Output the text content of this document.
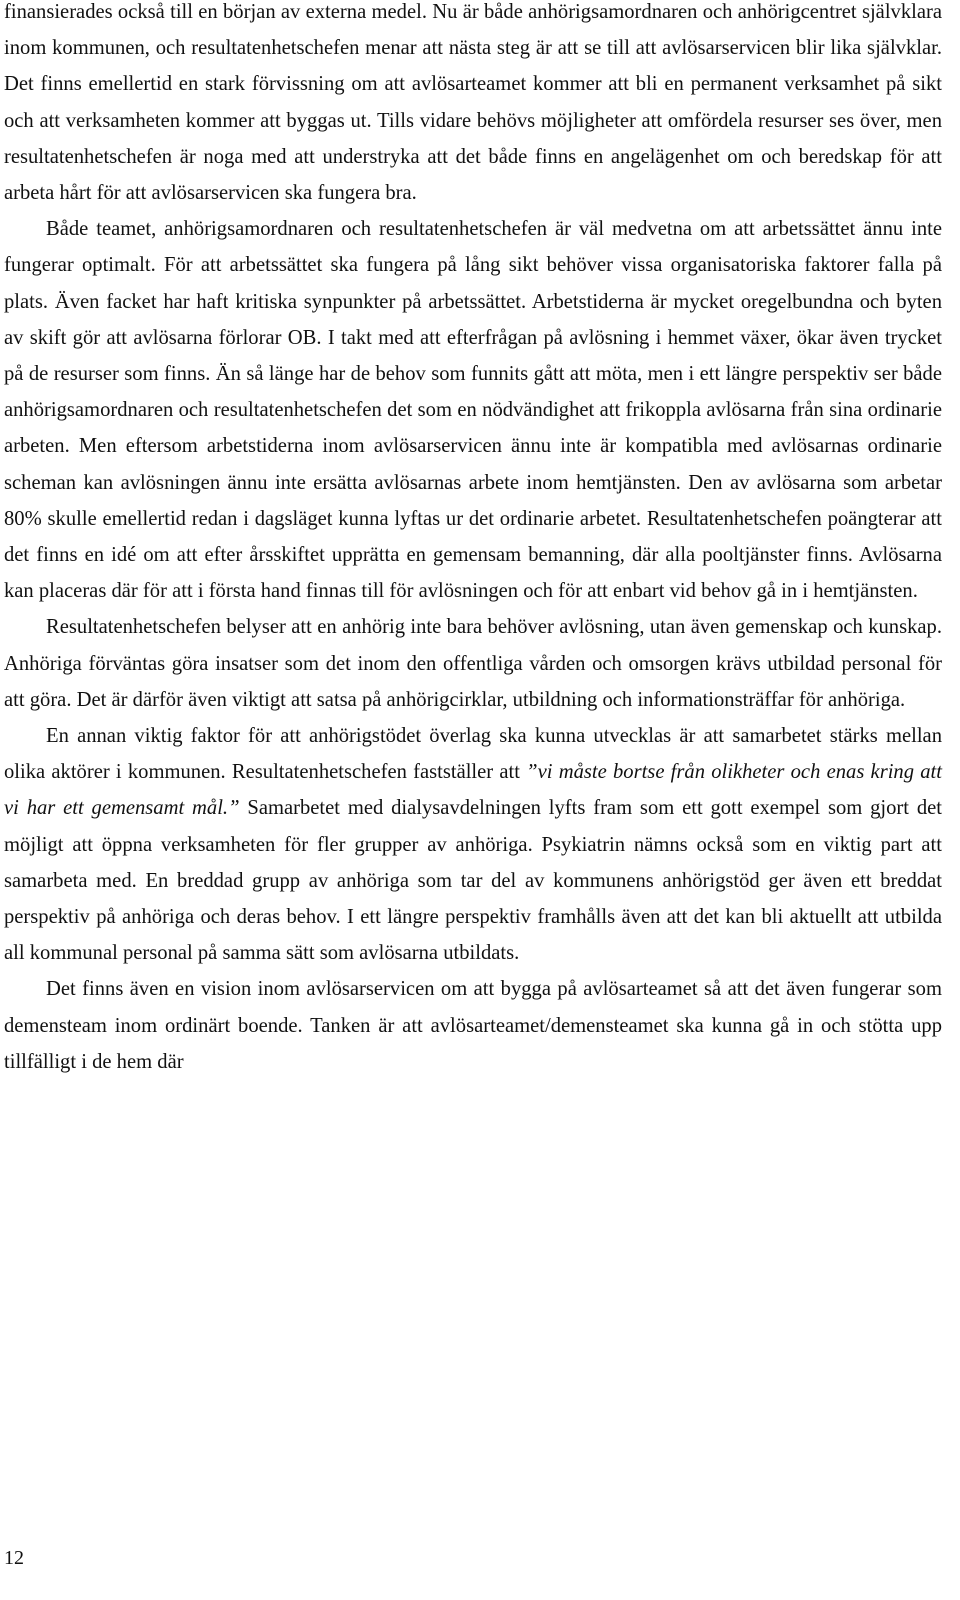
finansierades också till en början av externa medel. Nu är både anhörigsamordnaren och anhörigcentret självklara inom kommunen, och resultatenhetschefen menar att nästa steg är att se till att avlösarservicen blir lika självklar. Det finns emellertid en stark förvissning om att avlösarteamet kommer att bli en permanent verksamhet på sikt och att verksamheten kommer att byggas ut. Tills vidare behövs möjligheter att omfördela resurser ses över, men resultatenhetschefen är noga med att understryka att det både finns en angelägenhet om och beredskap för att arbeta hårt för att avlösarservicen ska fungera bra.

Både teamet, anhörigsamordnaren och resultatenhetschefen är väl medvetna om att arbetssättet ännu inte fungerar optimalt. För att arbetssättet ska fungera på lång sikt behöver vissa organisatoriska faktorer falla på plats. Även facket har haft kritiska synpunkter på arbetssättet. Arbetstiderna är mycket oregelbundna och byten av skift gör att avlösarna förlorar OB. I takt med att efterfrågan på avlösning i hemmet växer, ökar även trycket på de resurser som finns. Än så länge har de behov som funnits gått att möta, men i ett längre perspektiv ser både anhörigsamordnaren och resultatenhetschefen det som en nödvändighet att frikoppla avlösarna från sina ordinarie arbeten. Men eftersom arbetstiderna inom avlösarservicen ännu inte är kompatibla med avlösarnas ordinarie scheman kan avlösningen ännu inte ersätta avlösarnas arbete inom hemtjänsten. Den av avlösarna som arbetar 80% skulle emellertid redan i dagsläget kunna lyftas ur det ordinarie arbetet. Resultatenhetschefen poängterar att det finns en idé om att efter årsskiftet upprätta en gemensam bemanning, där alla pooltjänster finns. Avlösarna kan placeras där för att i första hand finnas till för avlösningen och för att enbart vid behov gå in i hemtjänsten.

Resultatenhetschefen belyser att en anhörig inte bara behöver avlösning, utan även gemenskap och kunskap. Anhöriga förväntas göra insatser som det inom den offentliga vården och omsorgen krävs utbildad personal för att göra. Det är därför även viktigt att satsa på anhörigcirklar, utbildning och informationsträffar för anhöriga.

En annan viktig faktor för att anhörigstödet överlag ska kunna utvecklas är att samarbetet stärks mellan olika aktörer i kommunen. Resultatenhetschefen fastställer att ”vi måste bortse från olikheter och enas kring att vi har ett gemensamt mål.” Samarbetet med dialysavdelningen lyfts fram som ett gott exempel som gjort det möjligt att öppna verksamheten för fler grupper av anhöriga. Psykiatrin nämns också som en viktig part att samarbeta med. En breddad grupp av anhöriga som tar del av kommunens anhörigstöd ger även ett breddat perspektiv på anhöriga och deras behov. I ett längre perspektiv framhålls även att det kan bli aktuellt att utbilda all kommunal personal på samma sätt som avlösarna utbildats.

Det finns även en vision inom avlösarservicen om att bygga på avlösarteamet så att det även fungerar som demensteam inom ordinärt boende. Tanken är att avlösarteamet/demensteamet ska kunna gå in och stötta upp tillfälligt i de hem där

12
